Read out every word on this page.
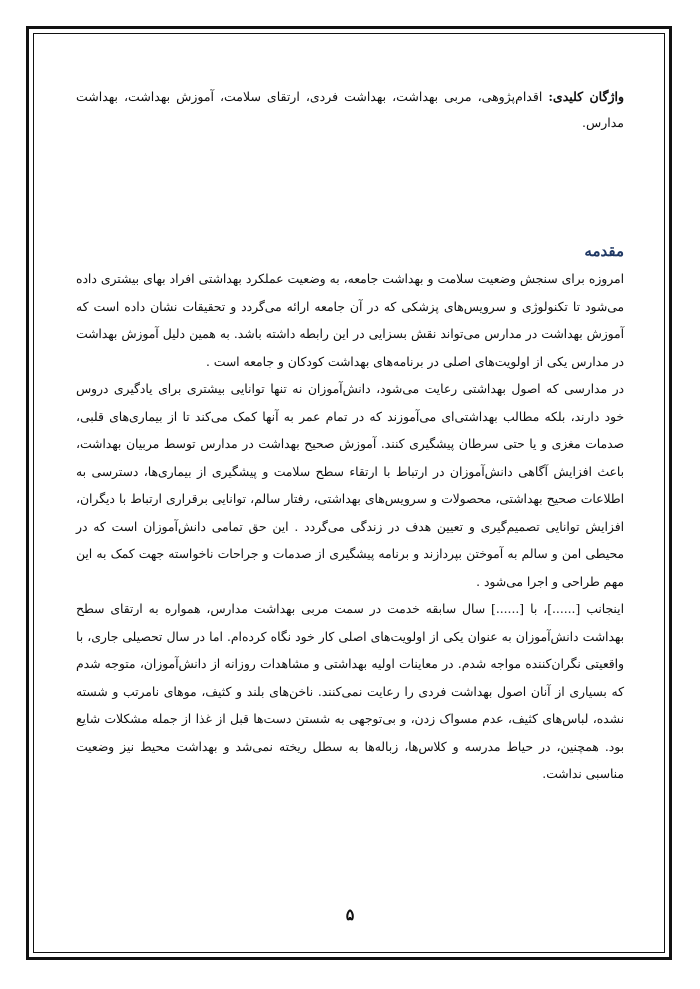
واژگان کلیدی: اقدام‌پژوهی، مربی بهداشت، بهداشت فردی، ارتقای سلامت، آموزش بهداشت، بهداشت مدارس.

مقدمه

امروزه برای سنجش وضعیت سلامت و بهداشت جامعه، به وضعیت عملکرد بهداشتی افراد بهای بیشتری داده می‌شود تا تکنولوژی و سرویس‌های پزشکی که در آن جامعه ارائه می‌گردد و تحقیقات نشان داده است که آموزش بهداشت در مدارس می‌تواند نقش بسزایی در این رابطه داشته باشد. به همین دلیل آموزش بهداشت در مدارس یکی از اولویت‌های اصلی در برنامه‌های بهداشت کودکان و جامعه است .

در مدارسی که اصول بهداشتی رعایت می‌شود، دانش‌آموزان نه تنها توانایی بیشتری برای یادگیری دروس خود دارند، بلکه مطالب بهداشتی‌ای می‌آموزند که در تمام عمر به آنها کمک می‌کند تا از بیماری‌های قلبی، صدمات مغزی و یا حتی سرطان پیشگیری کنند. آموزش صحیح بهداشت در مدارس توسط مربیان بهداشت، باعث افزایش آگاهی دانش‌آموزان در ارتباط با ارتقاء سطح سلامت و پیشگیری از بیماری‌ها، دسترسی به اطلاعات صحیح بهداشتی، محصولات و سرویس‌های بهداشتی، رفتار سالم، توانایی برقراری ارتباط با دیگران، افزایش توانایی تصمیم‌گیری و تعیین هدف در زندگی می‌گردد . این حق تمامی دانش‌آموزان است که در محیطی امن و سالم به آموختن بپردازند و برنامه پیشگیری از صدمات و جراحات ناخواسته جهت کمک به این مهم طراحی و اجرا می‌شود .

اینجانب [......]، با [......] سال سابقه خدمت در سمت مربی بهداشت مدارس، همواره به ارتقای سطح بهداشت دانش‌آموزان به عنوان یکی از اولویت‌های اصلی کار خود نگاه کرده‌ام. اما در سال تحصیلی جاری، با واقعیتی نگران‌کننده مواجه شدم. در معاینات اولیه بهداشتی و مشاهدات روزانه از دانش‌آموزان، متوجه شدم که بسیاری از آنان اصول بهداشت فردی را رعایت نمی‌کنند. ناخن‌های بلند و کثیف، موهای نامرتب و شسته نشده، لباس‌های کثیف، عدم مسواک زدن، و بی‌توجهی به شستن دست‌ها قبل از غذا از جمله مشکلات شایع بود. همچنین، در حیاط مدرسه و کلاس‌ها، زباله‌ها به سطل ریخته نمی‌شد و بهداشت محیط نیز وضعیت مناسبی نداشت.

۵
